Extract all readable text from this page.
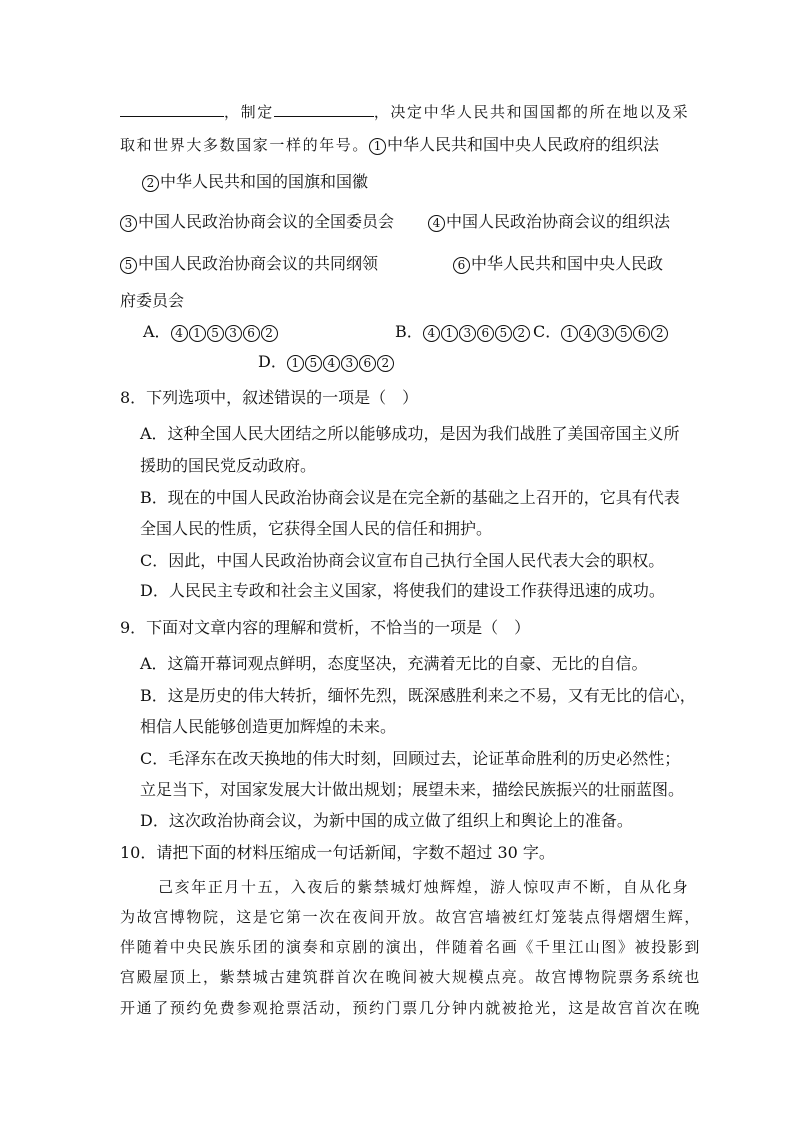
，制定	，决定中华人民共和国国都的所在地以及采
取和世界大多数国家一样的年号。 1 中华人民共和国中央人民政府的组织法
2 中华人民共和国的国旗和国徽
3 中国人民政治协商会议的全国委员会	4 中国人民政治协商会议的组织法
5 中国人民政治协商会议的共同纲领	6 中华人民共和国中央人民政
府委员会
A． 4 1 5 3 6 2	B． 4 1 3 6 5 2 C． 1 4 3 5 6 2
D． 1 5 4 3 6 2
8．下列选项中，叙述错误的一项是（　）
A．这种全国人民大团结之所以能够成功，是因为我们战胜了美国帝国主义所
援助的国民党反动政府。
B．现在的中国人民政治协商会议是在完全新的基础之上召开的，它具有代表
全国人民的性质，它获得全国人民的信任和拥护。
C．因此，中国人民政治协商会议宣布自己执行全国人民代表大会的职权。
D．人民民主专政和社会主义国家，将使我们的建设工作获得迅速的成功。
9．下面对文章内容的理解和赏析，不恰当的一项是（　）
A．这篇开幕词观点鲜明，态度坚决，充满着无比的自豪、无比的自信。
B．这是历史的伟大转折，缅怀先烈，既深感胜利来之不易，又有无比的信心，
相信人民能够创造更加辉煌的未来。
C．毛泽东在改天换地的伟大时刻，回顾过去，论证革命胜利的历史必然性；
立足当下，对国家发展大计做出规划；展望未来，描绘民族振兴的壮丽蓝图。
D．这次政治协商会议，为新中国的成立做了组织上和舆论上的准备。
10．请把下面的材料压缩成一句话新闻，字数不超过 30 字。
己亥年正月十五，入夜后的紫禁城灯烛辉煌，游人惊叹声不断，自从化身
为故宫博物院，这是它第一次在夜间开放。故宫宫墙被红灯笼装点得熠熠生辉，
伴随着中央民族乐团的演奏和京剧的演出，伴随着名画《千里江山图》被投影到
宫殿屋顶上，紫禁城古建筑群首次在晚间被大规模点亮。故宫博物院票务系统也
开通了预约免费参观抢票活动，预约门票几分钟内就被抢光，这是故宫首次在晚
